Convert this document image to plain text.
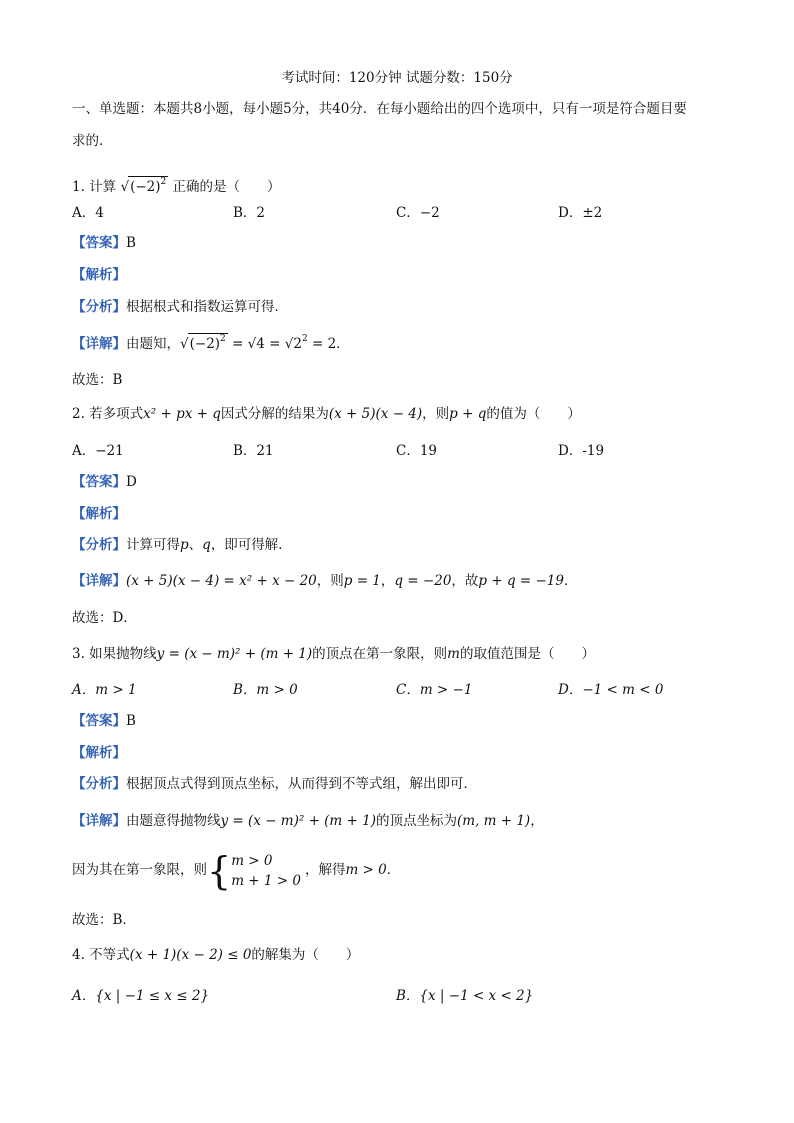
考试时间：120分钟 试题分数：150分
一、单选题：本题共8小题，每小题5分，共40分．在每小题给出的四个选项中，只有一项是符合题目要
求的．
1. 计算 $√(-2)^2$ 正确的是（　　）
A．4	B．2	C．−2	D．±2
【答案】B
【解析】
【分析】根据根式和指数运算可得．
【详解】由题知，$√(-2)^2 = √4 = √2^2 = 2$．
故选：B
2. 若多项式x² + px + q因式分解的结果为(x + 5)(x − 4)，则p + q的值为（　　）
A．−21	B．21	C．19	D．-19
【答案】D
【解析】
【分析】计算可得p、q，即可得解．
【详解】(x + 5)(x − 4) = x² + x − 20，则p = 1，q = −20，故p + q = −19．
故选：D．
3. 如果抛物线y = (x − m)² + (m + 1)的顶点在第一象限，则m的取值范围是（　　）
A．m > 1	B．m > 0	C．m > −1	D．−1 < m < 0
【答案】B
【解析】
【分析】根据顶点式得到顶点坐标，从而得到不等式组，解出即可．
【详解】由题意得抛物线y = (x − m)² + (m + 1)的顶点坐标为(m, m + 1)，
因为其在第一象限，则{ m > 0
m + 1 > 0
，解得m > 0．
故选：B．
4. 不等式(x + 1)(x − 2) ≤ 0的解集为（　　）
A．{x | −1 ≤ x ≤ 2}	B．{x | −1 < x < 2}
